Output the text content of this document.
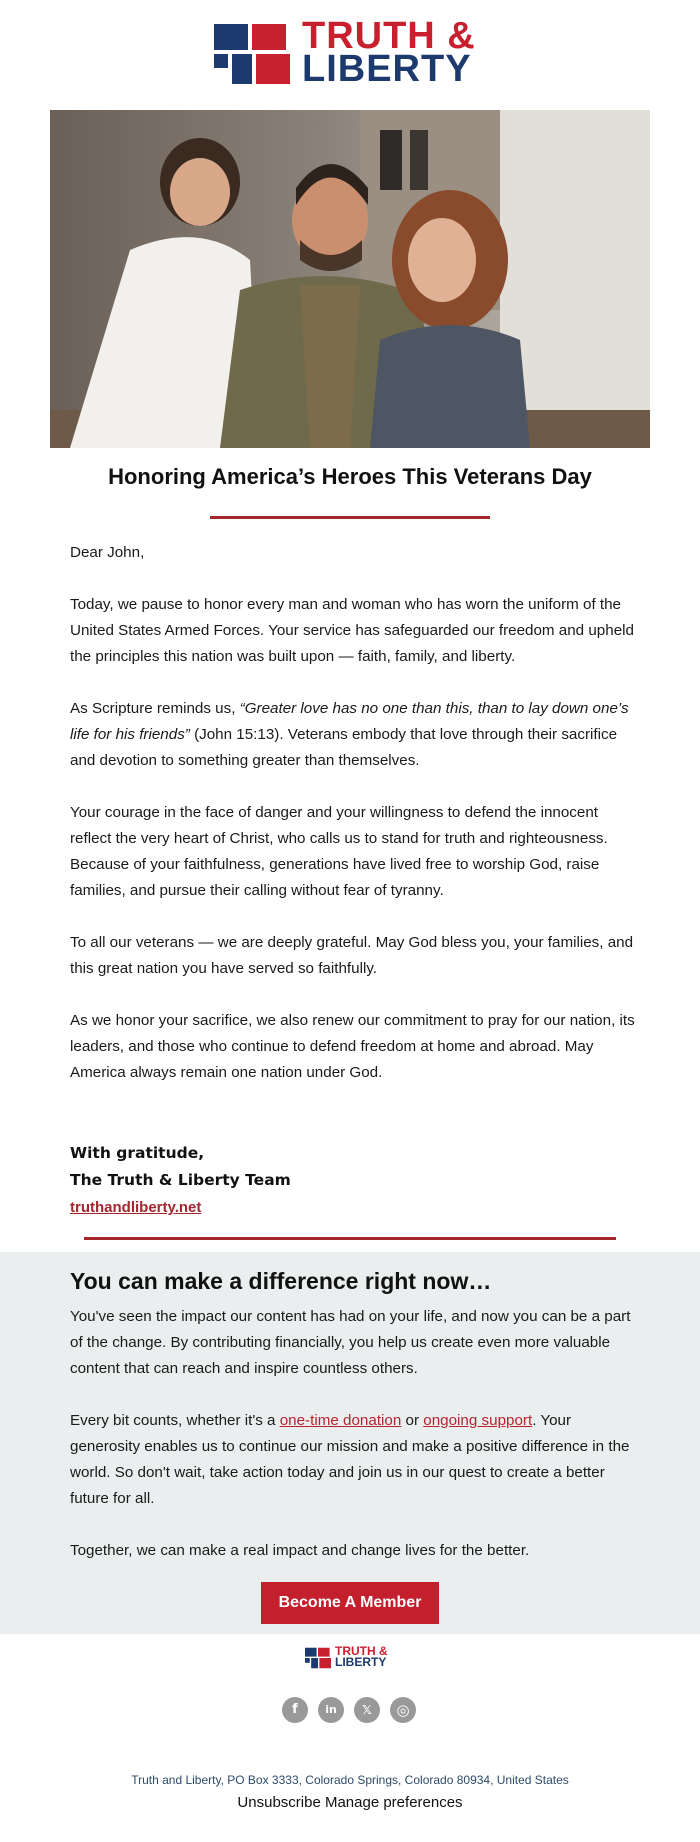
TRUTH &
LIBERTY
Honoring America’s Heroes This Veterans Day

Dear John,

Today, we pause to honor every man and woman who has worn the uniform of the United States Armed Forces. Your service has safeguarded our freedom and upheld the principles this nation was built upon — faith, family, and liberty.

As Scripture reminds us, “Greater love has no one than this, than to lay down one’s life for his friends” (John 15:13). Veterans embody that love through their sacrifice and devotion to something greater than themselves.

Your courage in the face of danger and your willingness to defend the innocent reflect the very heart of Christ, who calls us to stand for truth and righteousness. Because of your faithfulness, generations have lived free to worship God, raise families, and pursue their calling without fear of tyranny.

To all our veterans — we are deeply grateful. May God bless you, your families, and this great nation you have served so faithfully.

As we honor your sacrifice, we also renew our commitment to pray for our nation, its leaders, and those who continue to defend freedom at home and abroad. May America always remain one nation under God.

With gratitude,
The Truth & Liberty Team
truthandliberty.net
You can make a difference right now…

You've seen the impact our content has had on your life, and now you can be a part of the change. By contributing financially, you help us create even more valuable content that can reach and inspire countless others.

Every bit counts, whether it's a one-time donation or ongoing support. Your generosity enables us to continue our mission and make a positive difference in the world. So don't wait, take action today and join us in our quest to create a better future for all.

Together, we can make a real impact and change lives for the better.

Become A Member
TRUTH &
LIBERTY
f	in	𝕏	◎
Truth and Liberty, PO Box 3333, Colorado Springs, Colorado 80934, United States
Unsubscribe Manage preferences
